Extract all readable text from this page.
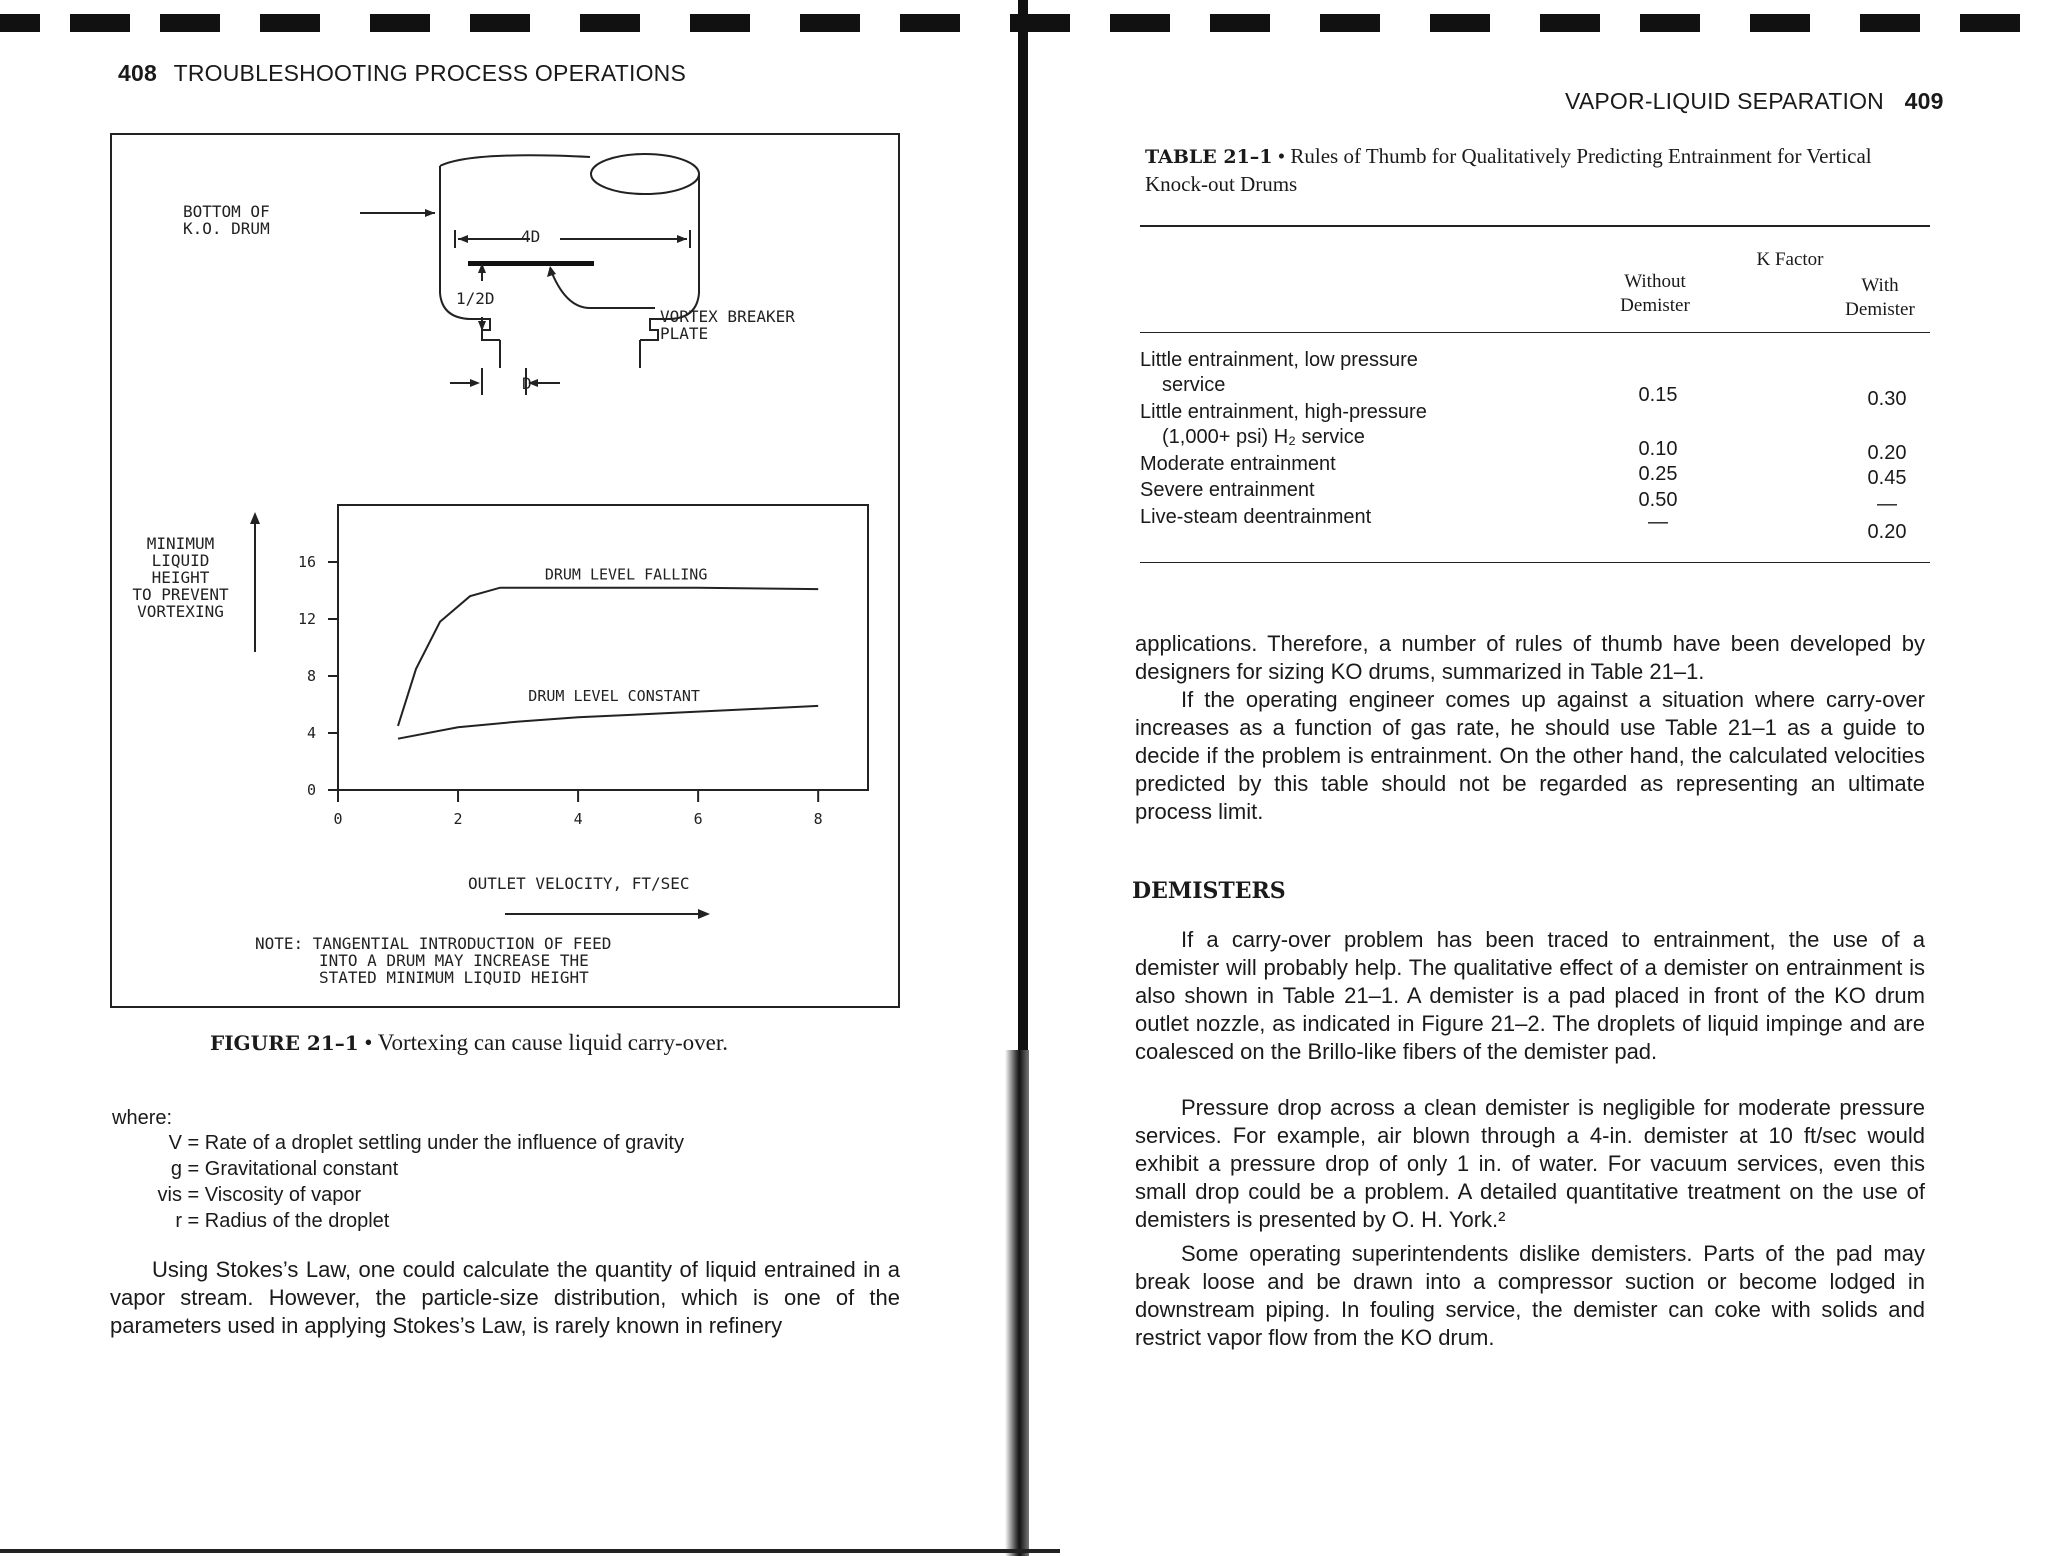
408 TROUBLESHOOTING PROCESS OPERATIONS
BOTTOM OF
K.O. DRUM	4D
1/2D
VORTEX BREAKER
PLATE
D
MINIMUM
LIQUID
HEIGHT
TO PREVENT
VORTEXING
0
4
8
12
16
0	2	4	6	8
DRUM LEVEL FALLING
DRUM LEVEL CONSTANT
OUTLET VELOCITY, FT/SEC
NOTE: TANGENTIAL INTRODUCTION OF FEED
INTO A DRUM MAY INCREASE THE
STATED MINIMUM LIQUID HEIGHT
FIGURE 21–1 • Vortexing can cause liquid carry-over.
where:
V = Rate of a droplet settling under the influence of gravity
g = Gravitational constant
vis = Viscosity of vapor
r = Radius of the droplet
Using Stokes’s Law, one could calculate the quantity of liquid entrained in a vapor stream. However, the particle-size distribution, which is one of the parameters used in applying Stokes’s Law, is rarely known in refinery
VAPOR-LIQUID SEPARATION 409
TABLE 21–1 • Rules of Thumb for Qualitatively Predicting Entrainment for Vertical Knock-out Drums
K Factor
Without
Demister
With
Demister
Little entrainment, low pressure
service	0.15	0.30
Little entrainment, high-pressure
(1,000+ psi) H₂ service
0.10	0.20
Moderate entrainment	0.25	0.45
Severe entrainment	0.50	—
Live-steam deentrainment	—	0.20
applications. Therefore, a number of rules of thumb have been developed by designers for sizing KO drums, summarized in Table 21–1.
If the operating engineer comes up against a situation where carry-over increases as a function of gas rate, he should use Table 21–1 as a guide to decide if the problem is entrainment. On the other hand, the calculated velocities predicted by this table should not be regarded as representing an ultimate process limit.
DEMISTERS
If a carry-over problem has been traced to entrainment, the use of a demister will probably help. The qualitative effect of a demister on entrainment is also shown in Table 21–1. A demister is a pad placed in front of the KO drum outlet nozzle, as indicated in Figure 21–2. The droplets of liquid impinge and are coalesced on the Brillo-like fibers of the demister pad.
Pressure drop across a clean demister is negligible for moderate pressure services. For example, air blown through a 4-in. demister at 10 ft/sec would exhibit a pressure drop of only 1 in. of water. For vacuum services, even this small drop could be a problem. A detailed quantitative treatment on the use of demisters is presented by O. H. York.²
Some operating superintendents dislike demisters. Parts of the pad may break loose and be drawn into a compressor suction or become lodged in downstream piping. In fouling service, the demister can coke with solids and restrict vapor flow from the KO drum.
